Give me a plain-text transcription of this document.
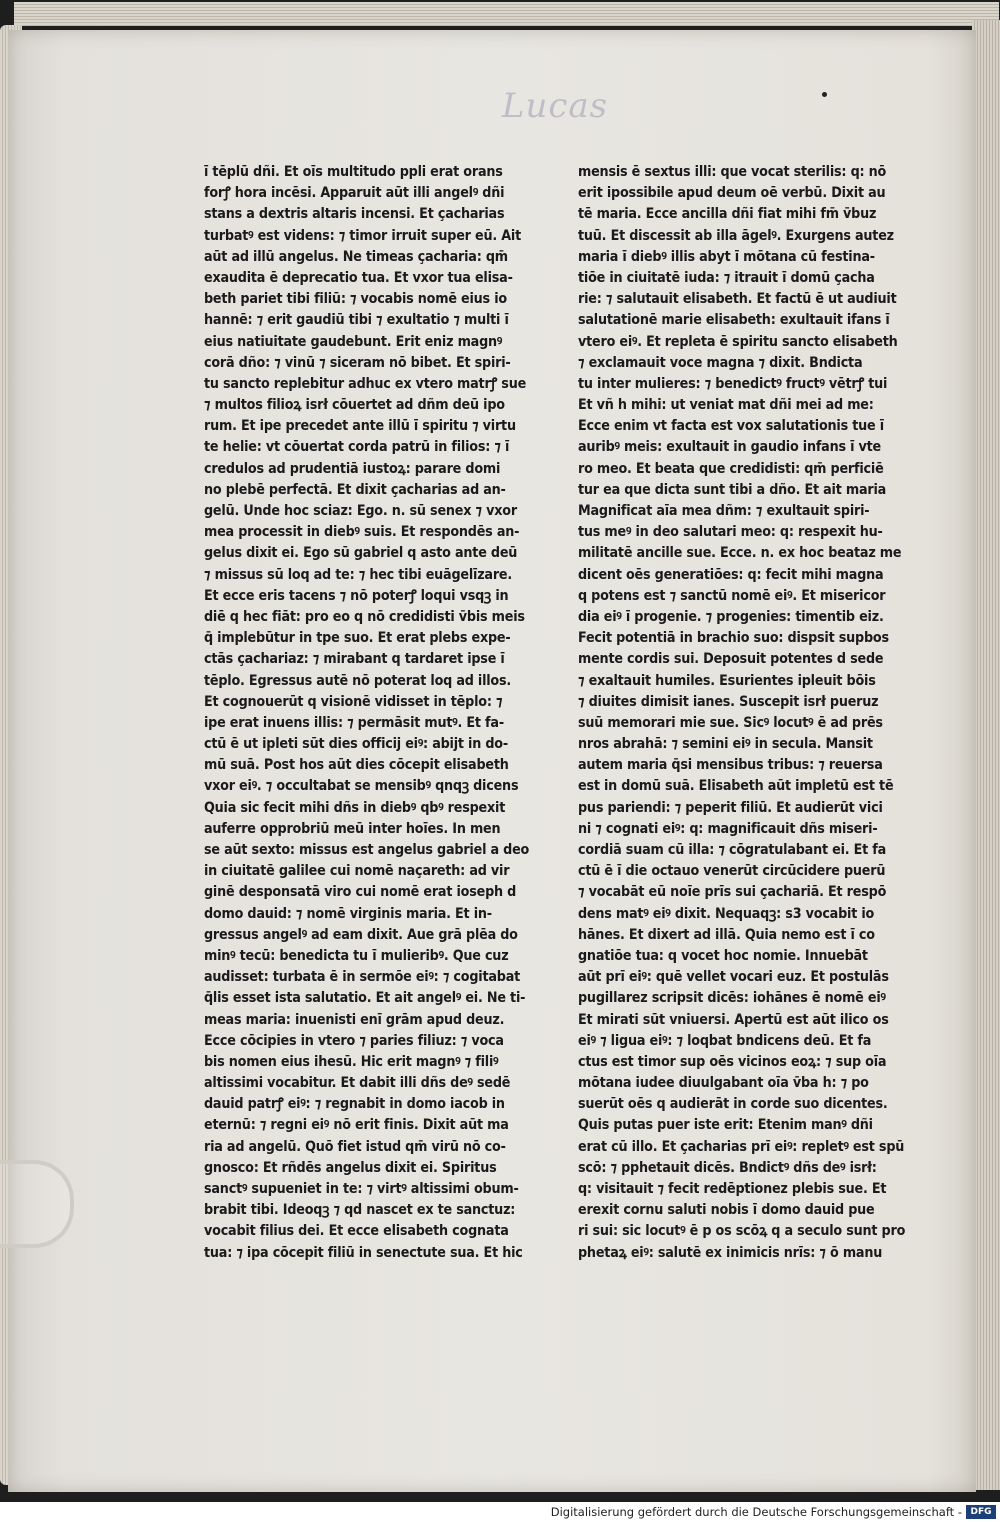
Lucas
ī tēplū dñi. Et oīs multitudo ppli erat orans
forꝭ hora incēsi. Apparuit aūt illi angelꝰ dñi
stans a dextris altaris incensi. Et çacharias
turbatꝰ est videns: ⁊ timor irruit super eū. Ait
aūt ad illū angelus. Ne timeas çacharia: qm̄
exaudita ē deprecatio tua. Et vxor tua elisa-
beth pariet tibi filiū: ⁊ vocabis nomē eius io
hannē: ⁊ erit gaudiū tibi ⁊ exultatio ⁊ multi ī
eius natiuitate gaudebunt. Erit eniz magnꝰ
corā dño: ⁊ vinū ⁊ siceram nō bibet. Et spiri-
tu sancto replebitur adhuc ex vtero matrꝭ sue
⁊ multos filioꝝ isrł cōuertet ad dñm deū ipo
rum. Et ipe precedet ante illū ī spiritu ⁊ virtu
te helie: vt cōuertat corda patrū in filios: ⁊ ī
credulos ad prudentiā iustoꝝ: parare domi
no plebē perfectā. Et dixit çacharias ad an-
gelū. Unde hoc sciaz: Ego. n. sū senex ⁊ vxor
mea processit in diebꝰ suis. Et respondēs an-
gelus dixit ei. Ego sū gabriel q asto ante deū
⁊ missus sū loq ad te: ⁊ hec tibi euāgelīzare.
Et ecce eris tacens ⁊ nō poterꝭ loqui vsqꝫ in
diē q hec fiāt: pro eo q nō credidisti v̄bis meis
q̄ implebūtur in tpe suo. Et erat plebs expe-
ctās çachariaz: ⁊ mirabant q tardaret ipse ī
tēplo. Egressus autē nō poterat loq ad illos.
Et cognouerūt q visionē vidisset in tēplo: ⁊
ipe erat inuens illis: ⁊ permāsit mutꝰ. Et fa-
ctū ē ut ipleti sūt dies officij eiꝰ: abijt in do-
mū suā. Post hos aūt dies cōcepit elisabeth
vxor eiꝰ. ⁊ occultabat se mensibꝰ qnqꝫ dicens
Quia sic fecit mihi dñs in diebꝰ qbꝰ respexit
auferre opprobriū meū inter hoīes. In men
se aūt sexto: missus est angelus gabriel a deo
in ciuitatē galilee cui nomē naçareth: ad vir
ginē desponsatā viro cui nomē erat ioseph d
domo dauid: ⁊ nomē virginis maria. Et in-
gressus angelꝰ ad eam dixit. Aue grā plēa do
minꝰ tecū: benedicta tu ī mulieribꝰ. Que cuz
audisset: turbata ē in sermōe eiꝰ: ⁊ cogitabat
q̄lis esset ista salutatio. Et ait angelꝰ ei. Ne ti-
meas maria: inuenisti enī grām apud deuz.
Ecce cōcipies in vtero ⁊ paries filiuz: ⁊ voca
bis nomen eius ihesū. Hic erit magnꝰ ⁊ filiꝰ
altissimi vocabitur. Et dabit illi dñs deꝰ sedē
dauid patrꝭ eiꝰ: ⁊ regnabit in domo iacob in
eternū: ⁊ regni eiꝰ nō erit finis. Dixit aūt ma
ria ad angelū. Quō fiet istud qm̄ virū nō co-
gnosco: Et rñdēs angelus dixit ei. Spiritus
sanctꝰ supueniet in te: ⁊ virtꝰ altissimi obum-
brabit tibi. Ideoqꝫ ⁊ qd nascet ex te sanctuz:
vocabit filius dei. Et ecce elisabeth cognata
tua: ⁊ ipa cōcepit filiū in senectute sua. Et hic
mensis ē sextus illi: que vocat sterilis: q: nō
erit ipossibile apud deum oē verbū. Dixit au
tē maria. Ecce ancilla dñi fiat mihi fm̄ v̄buz
tuū. Et discessit ab illa āgelꝰ. Exurgens autez
maria ī diebꝰ illis abyt ī mōtana cū festina-
tiōe in ciuitatē iuda: ⁊ itrauit ī domū çacha
rie: ⁊ salutauit elisabeth. Et factū ē ut audiuit
salutationē marie elisabeth: exultauit ifans ī
vtero eiꝰ. Et repleta ē spiritu sancto elisabeth
⁊ exclamauit voce magna ⁊ dixit. Bndicta
tu inter mulieres: ⁊ benedictꝰ fructꝰ vētrꝭ tui
Et vñ h mihi: ut veniat mat dñi mei ad me:
Ecce enim vt facta est vox salutationis tue ī
auribꝰ meis: exultauit in gaudio infans ī vte
ro meo. Et beata que credidisti: qm̄ perficiē
tur ea que dicta sunt tibi a dño. Et ait maria
Magnificat aīa mea dñm: ⁊ exultauit spiri-
tus meꝰ in deo salutari meo: q: respexit hu-
militatē ancille sue. Ecce. n. ex hoc beataz me
dicent oēs generatiōes: q: fecit mihi magna
q potens est ⁊ sanctū nomē eiꝰ. Et misericor
dia eiꝰ ī progenie. ⁊ progenies: timentib eiz.
Fecit potentiā in brachio suo: dispsit supbos
mente cordis sui. Deposuit potentes d sede
⁊ exaltauit humiles. Esurientes ipleuit bōis
⁊ diuites dimisit ianes. Suscepit isrł pueruz
suū memorari mie sue. Sicꝰ locutꝰ ē ad prēs
nros abrahā: ⁊ semini eiꝰ in secula. Mansit
autem maria q̄si mensibus tribus: ⁊ reuersa
est in domū suā. Elisabeth aūt impletū est tē
pus pariendi: ⁊ peperit filiū. Et audierūt vici
ni ⁊ cognati eiꝰ: q: magnificauit dñs miseri-
cordiā suam cū illa: ⁊ cōgratulabant ei. Et fa
ctū ē ī die octauo venerūt circūcidere puerū
⁊ vocabāt eū noīe prīs sui çachariā. Et respō
dens matꝰ eiꝰ dixit. Nequaqꝫ: s3 vocabit io
hānes. Et dixert ad illā. Quia nemo est ī co
gnatiōe tua: q vocet hoc nomie. Innuebāt
aūt prī eiꝰ: quē vellet vocari euz. Et postulās
pugillarez scripsit dicēs: iohānes ē nomē eiꝰ
Et mirati sūt vniuersi. Apertū est aūt ilico os
eiꝰ ⁊ ligua eiꝰ: ⁊ loqbat bndicens deū. Et fa
ctus est timor sup oēs vicinos eoꝝ: ⁊ sup oīa
mōtana iudee diuulgabant oīa v̄ba h: ⁊ po
suerūt oēs q audierāt in corde suo dicentes.
Quis putas puer iste erit: Etenim manꝰ dñi
erat cū illo. Et çacharias prī eiꝰ: repletꝰ est spū
scō: ⁊ pphetauit dicēs. Bndictꝰ dñs deꝰ isrł:
q: visitauit ⁊ fecit redēptionez plebis sue. Et
erexit cornu saluti nobis ī domo dauid pue
ri sui: sic locutꝰ ē p os scōꝝ q a seculo sunt pro
phetaꝝ eiꝰ: salutē ex inimicis nrīs: ⁊ ō manu
Digitalisierung gefördert durch die Deutsche Forschungsgemeinschaft - DFG
